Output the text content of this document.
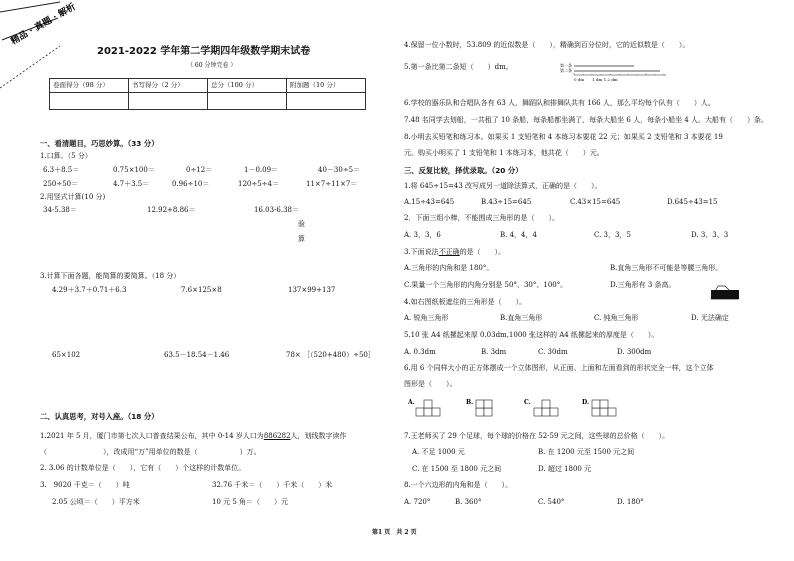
精品 · 真题 · 解析
2021-2022 学年第二学期四年级数学期末试卷
（ 60 分钟完卷 ）
卷面得分（98 分）	书写得分（2 分）	总分（100 分）	附加题（10 分）

一、看清题目，巧思妙算。（33 分）
1.口算。（5 分）
6.3＋8.5＝	0.75×100＝	0÷12＝	1－0.09＝	40－30÷5＝
250÷50＝	4.7＋3.5＝	0.96÷10＝	120÷5÷4＝	11×7÷11×7＝
2.用竖式计算(10 分)
34-5.38＝	12.92+8.86＝	16.03-6.38＝
验
算
3.计算下面各题，能简算的要简算。（18 分）
4.29＋3.7＋0.71＋6.3	7.6×125×8	137×99+137
65×102	63.5－18.54－1.46	78× ［（520+480）÷50］
二、认真思考，对号入座。（18 分）
1.2021 年 5 月，厦门市第七次人口普查结果公布，其中 0-14 岁人口为886282人，划线数字读作
（　　　　　　　　），改成用“万”用单位的数是（　　　　　　）万。
2. 3.06 的计数单位是（　　），它有（　　）个这样的计数单位。
3.　9020 千克＝（　　）吨	32.76 千米＝（　　）千米（　　）米
2.05 公顷＝（　　）平方米	10 元 5 角＝（　　）元
4.保留一位小数时，53.809 的近似数是（　　），精确到百分位时，它的近似数是（　　）。
5.第一条比第二条短（　　）dm。	第一条
第二条
0 dm　　1 dm 1.2 dm
6.学校的器乐队和合唱队各有 63 人，舞蹈队和排舞队共有 166 人，那么平均每个队有（　　）人。
7.48 名同学去划船，一共租了 10 条船，每条船都坐满了，每条大船坐 6 人，每条小船坐 4 人。大船有（　　）条。
8.小明去买铅笔和练习本。如果买 1 支铅笔和 4 本练习本要花 22 元；如果买 2 支铅笔和 3 本要花 19
元。购买小明买了 1 支铅笔和 1 本练习本，他共花（　　）元。
三、反复比较，择优录取。（20 分）
1.将 645÷15=43 改写成另一道除法算式，正确的是（　　）。
A.15÷43=645	B.43÷15=645	C.43×15=645	D.645÷43=15
2．下面三组小棒，不能围成三角形的是（　　）。
A. 3，3，6	B. 4，4，4	C. 3，3，5	D. 3、3、3
3.下面说法不正确的是（　　）。
A.三角形的内角和是 180°。	B.直角三角形不可能是等腰三角形。
C.果量一个三角形的内角分别是 50°、30°、100°。	D.三角形有 3 条高。
4.如右图纸板遮住的三角形是（　　）。
A. 锐角三角形	B.直角三角形	C. 钝角三角形	D. 无法确定
5.10 张 A4 纸摞起来厚 0.03dm,1000 张这样的 A4 纸摞起来的厚度是（　　）。
A. 0.3dm	B. 3dm	C. 30dm	D. 300dm
6.用 6 个同样大小的正方体摆成一个立体图形，从正面、上面和左面看到的形状完全一样，这个立体
图形是（　　）。
A.	B.	C.	D.
7.王老师买了 29 个足球，每个球的价格在 52-59 元之间，这些球的总价格（　　）。
A. 不足 1000 元	B. 在 1200 元至 1500 元之间
C. 在 1500 至 1800 元之间	D. 超过 1800 元
8.一个六边形的内角和是（　　）。
A. 720°	B. 360°	C. 540°	D. 180°
第1 页　共 2 页
